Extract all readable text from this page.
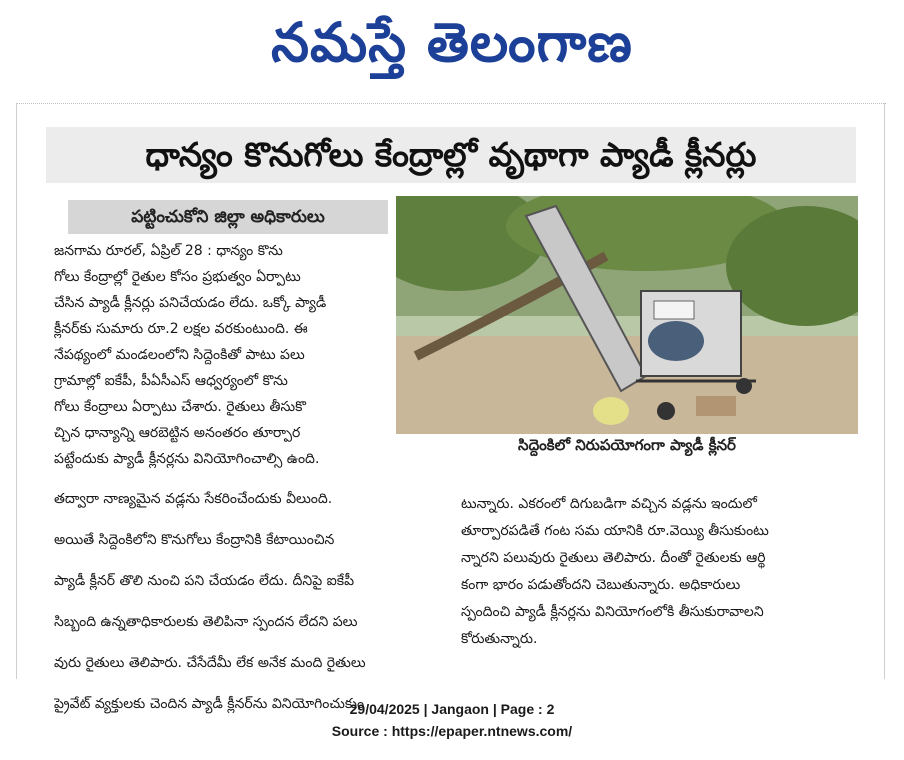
నమస్తే తెలంగాణ
ధాన్యం కొనుగోలు కేంద్రాల్లో వృథాగా ప్యాడీ క్లీనర్లు
పట్టించుకోని జిల్లా అధికారులు

జనగామ రూరల్, ఏప్రిల్ 28 : ధాన్యం కొను

గోలు కేంద్రాల్లో రైతుల కోసం ప్రభుత్వం ఏర్పాటు

చేసిన ప్యాడీ క్లీనర్లు పనిచేయడం లేదు. ఒక్కో ప్యాడీ

క్లీనర్‌కు సుమారు రూ.2 లక్షల వరకుంటుంది. ఈ

నేపథ్యంలో మండలంలోని సిద్దెంకితో పాటు పలు

గ్రామాల్లో ఐకేపీ, పీఏసీఎస్ ఆధ్వర్యంలో కొను

గోలు కేంద్రాలు ఏర్పాటు చేశారు. రైతులు తీసుకొ

చ్చిన ధాన్యాన్ని ఆరబెట్టిన అనంతరం తూర్పార

పట్టేందుకు ప్యాడీ క్లీనర్లను వినియోగించాల్సి ఉంది.

సిద్దెంకిలో నిరుపయోగంగా ప్యాడీ క్లీనర్

తద్వారా నాణ్యమైన వడ్లను సేకరించేందుకు వీలుంది.

అయితే సిద్దెంకిలోని కొనుగోలు కేంద్రానికి కేటాయించిన

ప్యాడీ క్లీనర్ తొలి నుంచి పని చేయడం లేదు. దీనిపై ఐకేపీ

సిబ్బంది ఉన్నతాధికారులకు తెలిపినా స్పందన లేదని పలు

వురు రైతులు తెలిపారు. చేసేదేమీ లేక అనేక మంది రైతులు

ప్రైవేట్ వ్యక్తులకు చెందిన ప్యాడీ క్లీనర్‌ను వినియోగించుకుం

టున్నారు. ఎకరంలో దిగుబడిగా వచ్చిన వడ్లను ఇందులో

తూర్పారపడితే గంట సమ యానికి రూ.వెయ్యి తీసుకుంటు

న్నారని పలువురు రైతులు తెలిపారు. దీంతో రైతులకు ఆర్థి

కంగా భారం పడుతోందని చెబుతున్నారు. అధికారులు

స్పందించి ప్యాడీ క్లీనర్లను వినియోగంలోకి తీసుకురావాలని

కోరుతున్నారు.

29/04/2025 | Jangaon | Page : 2
Source : https://epaper.ntnews.com/
